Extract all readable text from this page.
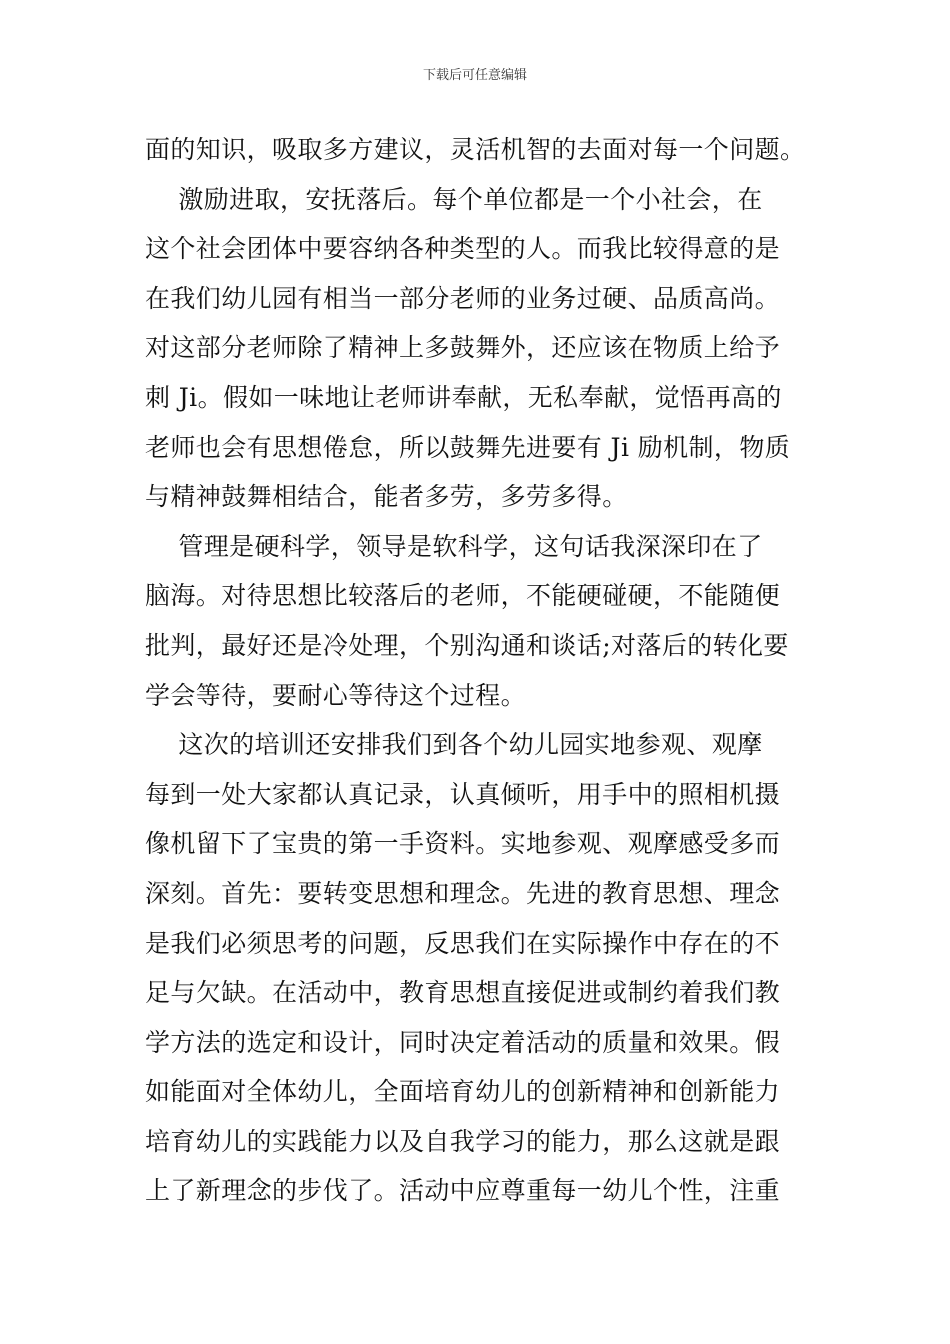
下载后可任意编辑
面的知识，吸取多方建议，灵活机智的去面对每一个问题。
激励进取，安抚落后。每个单位都是一个小社会，在
这个社会团体中要容纳各种类型的人。而我比较得意的是
在我们幼儿园有相当一部分老师的业务过硬、品质高尚。
对这部分老师除了精神上多鼓舞外，还应该在物质上给予
刺 Ji。假如一味地让老师讲奉献，无私奉献，觉悟再高的
老师也会有思想倦怠，所以鼓舞先进要有 Ji 励机制，物质
与精神鼓舞相结合，能者多劳，多劳多得。
管理是硬科学，领导是软科学，这句话我深深印在了
脑海。对待思想比较落后的老师，不能硬碰硬，不能随便
批判，最好还是冷处理，个别沟通和谈话;对落后的转化要
学会等待，要耐心等待这个过程。
这次的培训还安排我们到各个幼儿园实地参观、观摩
每到一处大家都认真记录，认真倾听，用手中的照相机摄
像机留下了宝贵的第一手资料。实地参观、观摩感受多而
深刻。首先：要转变思想和理念。先进的教育思想、理念
是我们必须思考的问题，反思我们在实际操作中存在的不
足与欠缺。在活动中，教育思想直接促进或制约着我们教
学方法的选定和设计，同时决定着活动的质量和效果。假
如能面对全体幼儿，全面培育幼儿的创新精神和创新能力
培育幼儿的实践能力以及自我学习的能力，那么这就是跟
上了新理念的步伐了。活动中应尊重每一幼儿个性，注重
